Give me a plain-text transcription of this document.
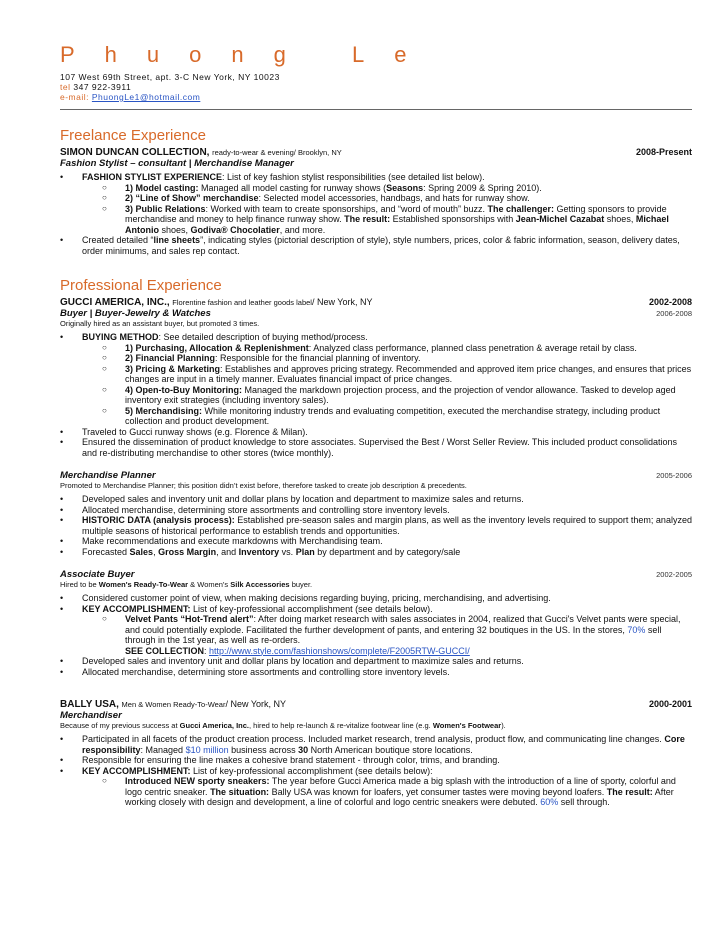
Phuong Le
107 West 69th Street, apt. 3-C New York, NY 10023
tel 347 922-3911
e-mail: PhuongLe1@hotmail.com
Freelance Experience
SIMON DUNCAN COLLECTION, ready-to-wear & evening/ Brooklyn, NY	2008-Present
Fashion Stylist – consultant | Merchandise Manager
• FASHION STYLIST EXPERIENCE: List of key fashion stylist responsibilities (see detailed list below).
○ 1) Model casting: Managed all model casting for runway shows (Seasons: Spring 2009 & Spring 2010).
○ 2) “Line of Show” merchandise: Selected model accessories, handbags, and hats for runway show.
○ 3) Public Relations: Worked with team to create sponsorships, and “word of mouth” buzz. The challenger: Getting sponsors to provide merchandise and money to help finance runway show. The result: Established sponsorships with Jean-Michel Cazabat shoes, Michael Antonio shoes, Godiva® Chocolatier, and more.
• Created detailed “line sheets”, indicating styles (pictorial description of style), style numbers, prices, color & fabric information, season, delivery dates, order minimums, and sales rep contact.
Professional Experience
GUCCI AMERICA, INC., Florentine fashion and leather goods label/ New York, NY	2002-2008
Buyer | Buyer-Jewelry & Watches	2006-2008
Originally hired as an assistant buyer, but promoted 3 times.
• BUYING METHOD: See detailed description of buying method/process.
○ 1) Purchasing, Allocation & Replenishment: Analyzed class performance, planned class penetration & average retail by class.
○ 2) Financial Planning: Responsible for the financial planning of inventory.
○ 3) Pricing & Marketing: Establishes and approves pricing strategy. Recommended and approved item price changes, and ensures that prices changes are input in a timely manner. Evaluates financial impact of price changes.
○ 4) Open-to-Buy Monitoring: Managed the markdown projection process, and the projection of vendor allowance. Tasked to develop aged inventory exit strategies (including inventory sales).
○ 5) Merchandising: While monitoring industry trends and evaluating competition, executed the merchandise strategy, including product collection and product development.
• Traveled to Gucci runway shows (e.g. Florence & Milan).
• Ensured the dissemination of product knowledge to store associates. Supervised the Best / Worst Seller Review. This included product consolidations and re-distributing merchandise to other stores (twice monthly).
Merchandise Planner	2005-2006
Promoted to Merchandise Planner; this position didn’t exist before, therefore tasked to create job description & precedents.
• Developed sales and inventory unit and dollar plans by location and department to maximize sales and returns.
• Allocated merchandise, determining store assortments and controlling store inventory levels.
• HISTORIC DATA (analysis process): Established pre-season sales and margin plans, as well as the inventory levels required to support them; analyzed multiple seasons of historical performance to establish trends and opportunities.
• Make recommendations and execute markdowns with Merchandising team.
• Forecasted Sales, Gross Margin, and Inventory vs. Plan by department and by category/sale
Associate Buyer	2002-2005
Hired to be Women's Ready-To-Wear & Women's Silk Accessories buyer.
• Considered customer point of view, when making decisions regarding buying, pricing, merchandising, and advertising.
• KEY ACCOMPLISHMENT: List of key-professional accomplishment (see details below).
○ Velvet Pants “Hot-Trend alert”: After doing market research with sales associates in 2004, realized that Gucci's Velvet pants were special, and could potentially explode. Facilitated the further development of pants, and entering 32 boutiques in the US. In the stores, 70% sell through in the 1st year, as well as re-orders.
SEE COLLECTION: http://www.style.com/fashionshows/complete/F2005RTW-GUCCI/
• Developed sales and inventory unit and dollar plans by location and department to maximize sales and returns.
• Allocated merchandise, determining store assortments and controlling store inventory levels.
BALLY USA, Men & Women Ready-To-Wear/ New York, NY	2000-2001
Merchandiser
Because of my previous success at Gucci America, Inc., hired to help re-launch & re-vitalize footwear line (e.g. Women's Footwear).
• Participated in all facets of the product creation process. Included market research, trend analysis, product flow, and communicating line changes. Core responsibility: Managed $10 million business across 30 North American boutique store locations.
• Responsible for ensuring the line makes a cohesive brand statement - through color, trims, and branding.
• KEY ACCOMPLISHMENT: List of key-professional accomplishment (see details below):
○ Introduced NEW sporty sneakers: The year before Gucci America made a big splash with the introduction of a line of sporty, colorful and logo centric sneaker. The situation: Bally USA was known for loafers, yet consumer tastes were moving beyond loafers. The result: After working closely with design and development, a line of colorful and logo centric sneakers were debuted. 60% sell through.
